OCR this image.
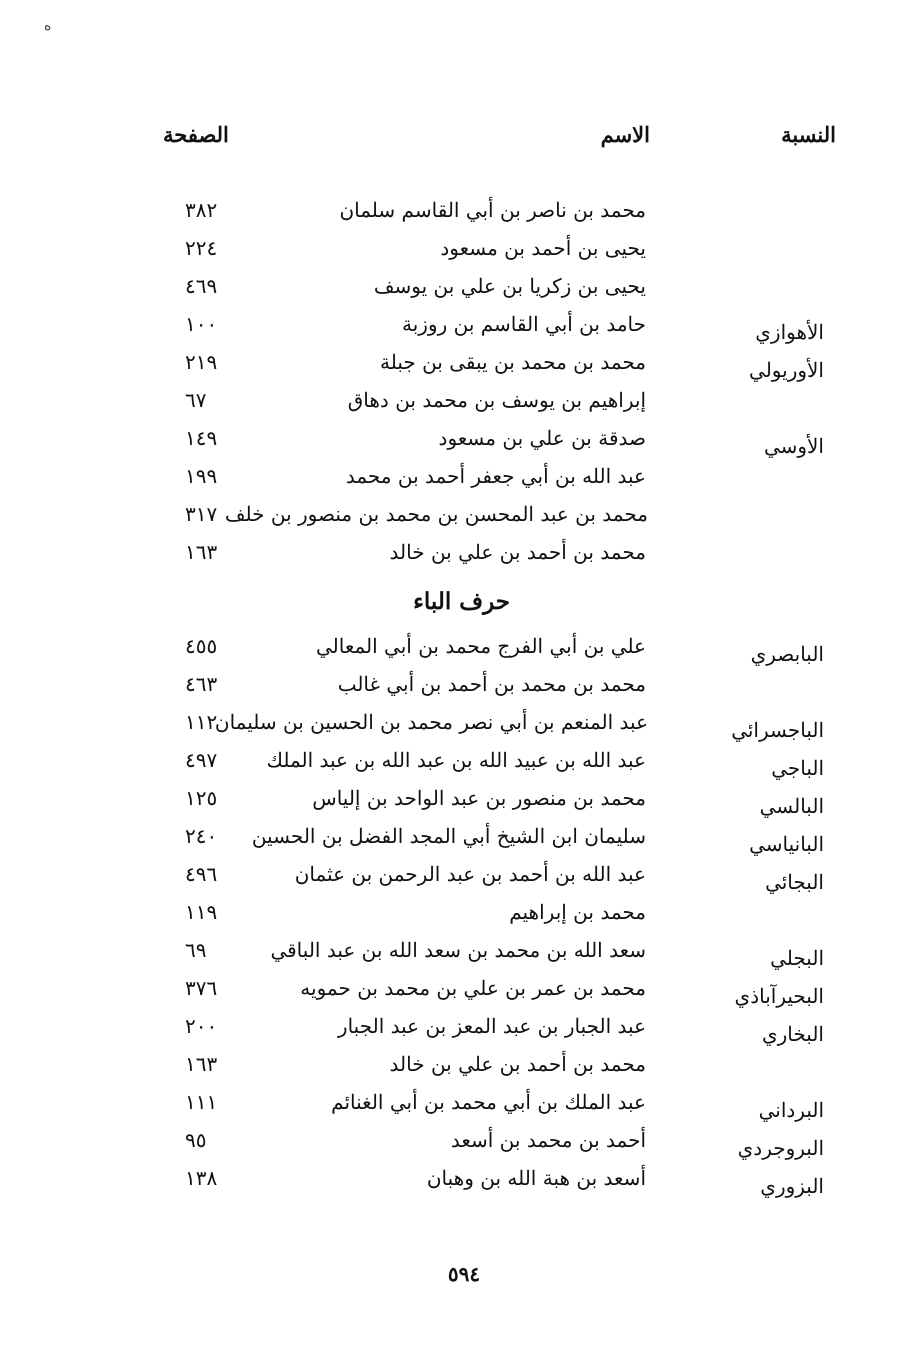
ﻩ
النسبة
الاسم
الصفحة
محمد بن ناصر بن أبي القاسم سلمان
٣٨٢
يحيى بن أحمد بن مسعود
٢٢٤
يحيى بن زكريا بن علي بن يوسف
٤٦٩
الأهوازي
حامد بن أبي القاسم بن روزبة
١٠٠
الأوريولي
محمد بن محمد بن يبقى بن جبلة
٢١٩
إبراهيم بن يوسف بن محمد بن دهاق
٦٧
الأوسي
صدقة بن علي بن مسعود
١٤٩
عبد الله بن أبي جعفر أحمد بن محمد
١٩٩
محمد بن عبد المحسن بن محمد بن منصور بن خلف
٣١٧
محمد بن أحمد بن علي بن خالد
١٦٣
حرف الباء
البابصري
علي بن أبي الفرج محمد بن أبي المعالي
٤٥٥
محمد بن محمد بن أحمد بن أبي غالب
٤٦٣
الباجسرائي
عبد المنعم بن أبي نصر محمد بن الحسين بن سليمان
١١٢
الباجي
عبد الله بن عبيد الله بن عبد الله بن عبد الملك
٤٩٧
البالسي
محمد بن منصور بن عبد الواحد بن إلياس
١٢٥
البانياسي
سليمان ابن الشيخ أبي المجد الفضل بن الحسين
٢٤٠
البجائي
عبد الله بن أحمد بن عبد الرحمن بن عثمان
٤٩٦
محمد بن إبراهيم
١١٩
البجلي
سعد الله بن محمد بن سعد الله بن عبد الباقي
٦٩
البحيرآباذي
محمد بن عمر بن علي بن محمد بن حمويه
٣٧٦
البخاري
عبد الجبار بن عبد المعز بن عبد الجبار
٢٠٠
محمد بن أحمد بن علي بن خالد
١٦٣
البرداني
عبد الملك بن أبي محمد بن أبي الغنائم
١١١
البروجردي
أحمد بن محمد بن أسعد
٩٥
البزوري
أسعد بن هبة الله بن وهبان
١٣٨
٥٩٤
